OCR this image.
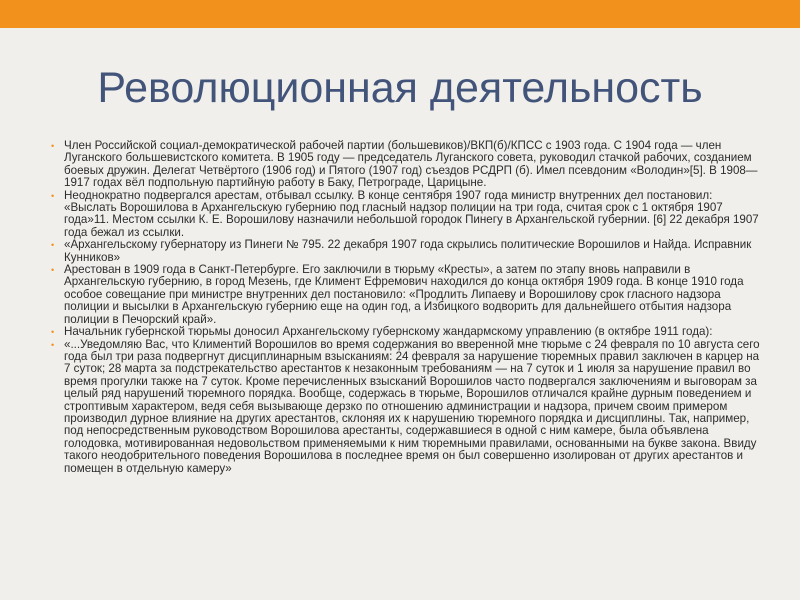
Революционная деятельность
• Член Российской социал-демократической рабочей партии (большевиков)/ВКП(б)/КПСС с 1903 года. С 1904 года — член Луганского большевистского комитета. В 1905 году — председатель Луганского совета, руководил стачкой рабочих, созданием боевых дружин. Делегат Четвёртого (1906 год) и Пятого (1907 год) съездов РСДРП (б). Имел псевдоним «Володин»[5]. В 1908—1917 годах вёл подпольную партийную работу в Баку, Петрограде, Царицыне.
• Неоднократно подвергался арестам, отбывал ссылку. В конце сентября 1907 года министр внутренних дел постановил: «Выслать Ворошилова в Архангельскую губернию под гласный надзор полиции на три года, считая срок с 1 октября 1907 года»11. Местом ссылки К. Е. Ворошилову назначили небольшой городок Пинегу в Архангельской губернии. [6] 22 декабря 1907 года бежал из ссылки.
• «Архангельскому губернатору из Пинеги № 795. 22 декабря 1907 года скрылись политические Ворошилов и Найда. Исправник Кунников»
• Арестован в 1909 года в Санкт-Петербурге. Его заключили в тюрьму «Кресты», а затем по этапу вновь направили в Архангельскую губернию, в город Мезень, где Климент Ефремович находился до конца октября 1909 года. В конце 1910 года особое совещание при министре внутренних дел постановило: «Продлить Липаеву и Ворошилову срок гласного надзора полиции и высылки в Архангельскую губернию еще на один год, а Избицкого водворить для дальнейшего отбытия надзора полиции в Печорский край».
• Начальник губернской тюрьмы доносил Архангельскому губернскому жандармскому управлению (в октябре 1911 года):
• «...Уведомляю Вас, что Климентий Ворошилов во время содержания во вверенной мне тюрьме с 24 февраля по 10 августа сего года был три раза подвергнут дисциплинарным взысканиям: 24 февраля за нарушение тюремных правил заключен в карцер на 7 суток; 28 марта за подстрекательство арестантов к незаконным требованиям — на 7 суток и 1 июля за нарушение правил во время прогулки также на 7 суток. Кроме перечисленных взысканий Ворошилов часто подвергался заключениям и выговорам за целый ряд нарушений тюремного порядка. Вообще, содержась в тюрьме, Ворошилов отличался крайне дурным поведением и строптивым характером, ведя себя вызывающе дерзко по отношению администрации и надзора, причем своим примером производил дурное влияние на других арестантов, склоняя их к нарушению тюремного порядка и дисциплины. Так, например, под непосредственным руководством Ворошилова арестанты, содержавшиеся в одной с ним камере, была объявлена голодовка, мотивированная недовольством применяемыми к ним тюремными правилами, основанными на букве закона. Ввиду такого неодобрительного поведения Ворошилова в последнее время он был совершенно изолирован от других арестантов и помещен в отдельную камеру»
